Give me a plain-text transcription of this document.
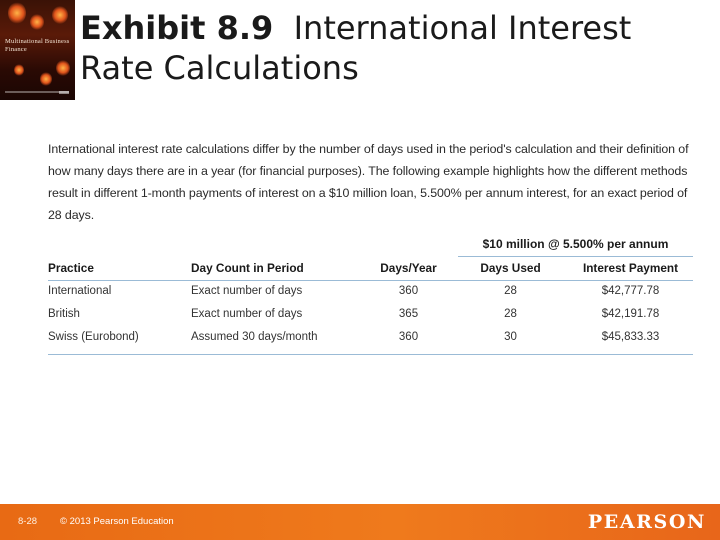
Multinational Business Finance
Exhibit 8.9 International Interest Rate Calculations
International interest rate calculations differ by the number of days used in the period's calculation and their definition of how many days there are in a year (for financial purposes). The following example highlights how the different methods result in different 1-month payments of interest on a $10 million loan, 5.500% per annum interest, for an exact period of 28 days.
$10 million @ 5.500% per annum
Practice	Day Count in Period	Days/Year	Days Used	Interest Payment
International	Exact number of days	360	28	$42,777.78
British	Exact number of days	365	28	$42,191.78
Swiss (Eurobond)	Assumed 30 days/month	360	30	$45,833.33
8-28 © 2013 Pearson Education	PEARSON
